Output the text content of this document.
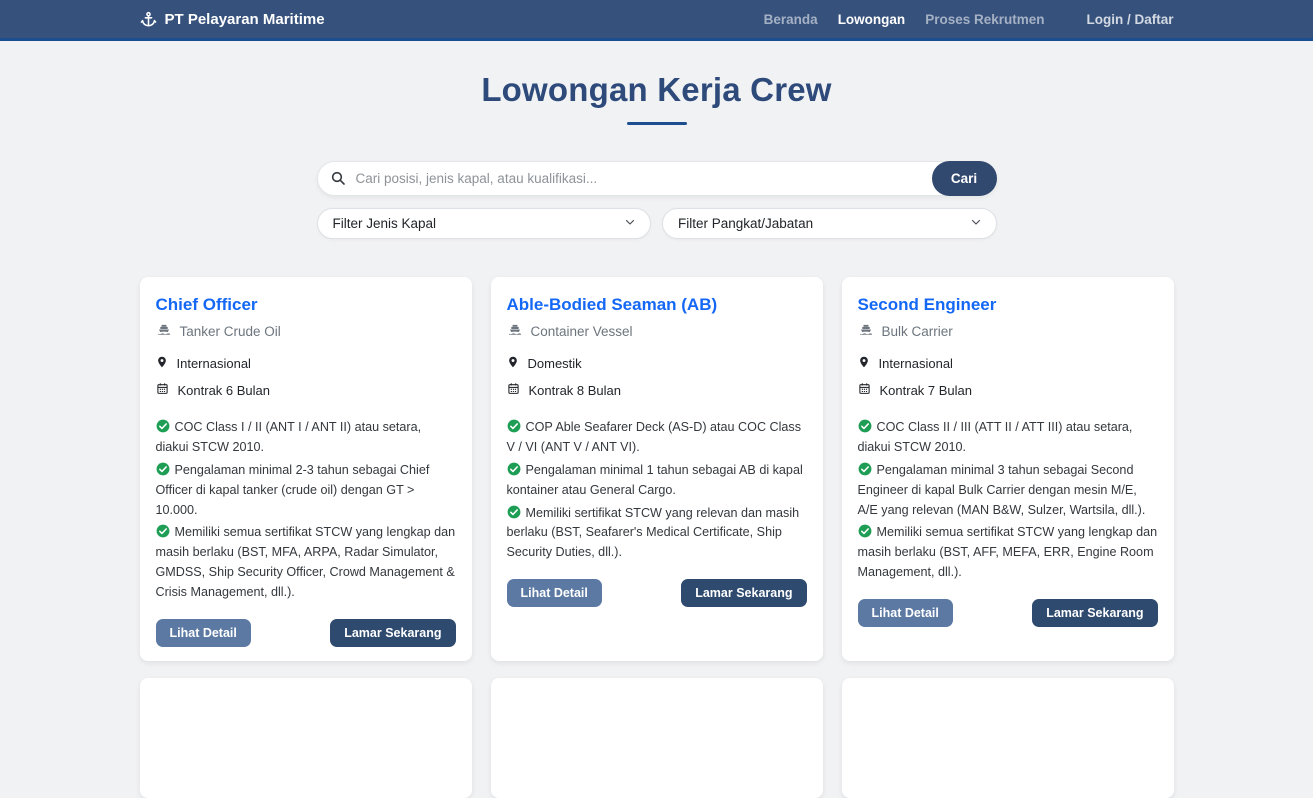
PT Pelayaran Maritime	Beranda Lowongan Proses Rekrutmen	Login / Daftar
Lowongan Kerja Crew
Cari posisi, jenis kapal, atau kualifikasi...
Cari
Filter Jenis Kapal	Filter Pangkat/Jabatan
Chief Officer
Tanker Crude Oil
Internasional
Kontrak 6 Bulan

COC Class I / II (ANT I / ANT II) atau setara, diakui STCW 2010.

Pengalaman minimal 2-3 tahun sebagai Chief Officer di kapal tanker (crude oil) dengan GT > 10.000.

Memiliki semua sertifikat STCW yang lengkap dan masih berlaku (BST, MFA, ARPA, Radar Simulator, GMDSS, Ship Security Officer, Crowd Management & Crisis Management, dll.).

Lihat Detail	Lamar Sekarang
Able-Bodied Seaman (AB)
Container Vessel
Domestik
Kontrak 8 Bulan

COP Able Seafarer Deck (AS-D) atau COC Class V / VI (ANT V / ANT VI).

Pengalaman minimal 1 tahun sebagai AB di kapal kontainer atau General Cargo.

Memiliki sertifikat STCW yang relevan dan masih berlaku (BST, Seafarer's Medical Certificate, Ship Security Duties, dll.).

Lihat Detail	Lamar Sekarang
Second Engineer
Bulk Carrier
Internasional
Kontrak 7 Bulan

COC Class II / III (ATT II / ATT III) atau setara, diakui STCW 2010.

Pengalaman minimal 3 tahun sebagai Second Engineer di kapal Bulk Carrier dengan mesin M/E, A/E yang relevan (MAN B&W, Sulzer, Wartsila, dll.).

Memiliki semua sertifikat STCW yang lengkap dan masih berlaku (BST, AFF, MEFA, ERR, Engine Room Management, dll.).

Lihat Detail	Lamar Sekarang
